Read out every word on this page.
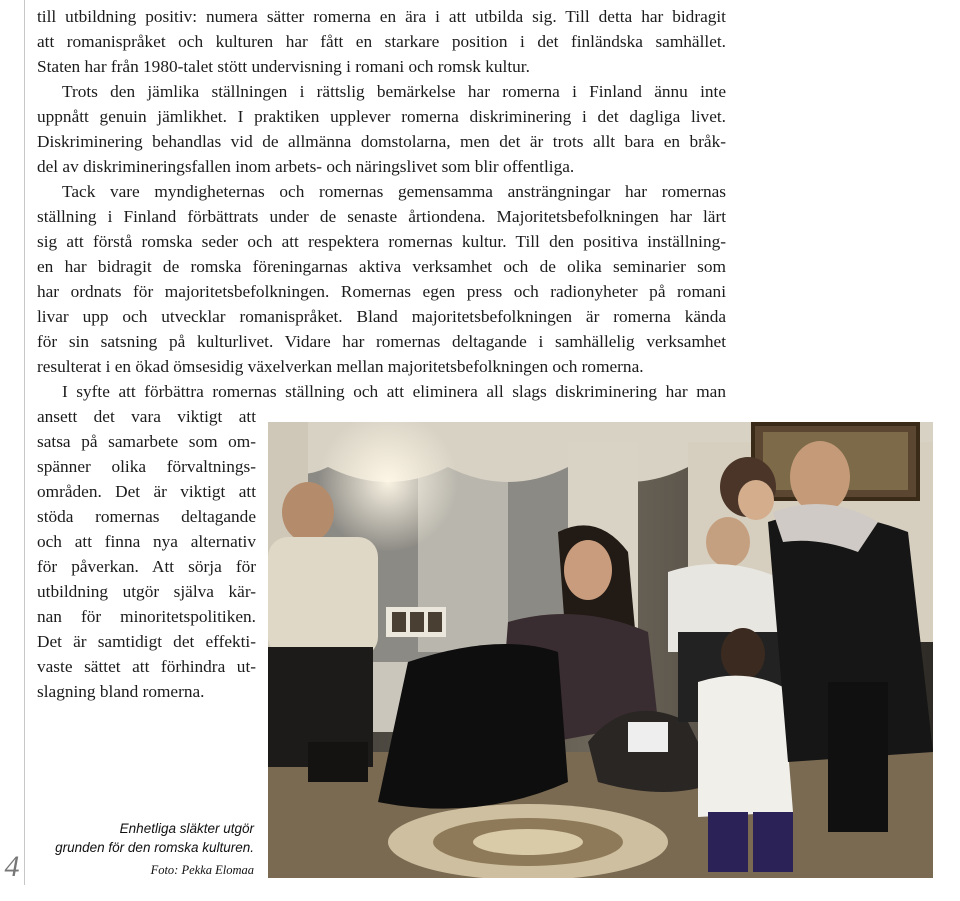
4
till utbildning positiv: numera sätter romerna en ära i att utbilda sig. Till detta har bidragit
att romanispråket och kulturen har fått en starkare position i det finländska samhället.
Staten har från 1980-talet stött undervisning i romani och romsk kultur.
Trots den jämlika ställningen i rättslig bemärkelse har romerna i Finland ännu inte
uppnått genuin jämlikhet. I praktiken upplever romerna diskriminering i det dagliga livet.
Diskriminering behandlas vid de allmänna domstolarna, men det är trots allt bara en bråk-
del av diskrimineringsfallen inom arbets- och näringslivet som blir offentliga.
Tack vare myndigheternas och romernas gemensamma ansträngningar har romernas
ställning i Finland förbättrats under de senaste årtiondena. Majoritetsbefolkningen har lärt
sig att förstå romska seder och att respektera romernas kultur. Till den positiva inställning-
en har bidragit de romska föreningarnas aktiva verksamhet och de olika seminarier som
har ordnats för majoritetsbefolkningen. Romernas egen press och radionyheter på romani
livar upp och utvecklar romanispråket. Bland majoritetsbefolkningen är romerna kända
för sin satsning på kulturlivet. Vidare har romernas deltagande i samhällelig verksamhet
resulterat i en ökad ömsesidig växelverkan mellan majoritetsbefolkningen och romerna.
I syfte att förbättra romernas ställning och att eliminera all slags diskriminering har man
ansett det vara viktigt att
satsa på samarbete som om-
spänner olika förvaltnings-
områden. Det är viktigt att
stöda romernas deltagande
och att finna nya alternativ
för påverkan. Att sörja för
utbildning utgör själva kär-
nan för minoritetspolitiken.
Det är samtidigt det effekti-
vaste sättet att förhindra ut-
slagning bland romerna.
Enhetliga släkter utgör
grunden för den romska kulturen.
Foto: Pekka Elomaa
